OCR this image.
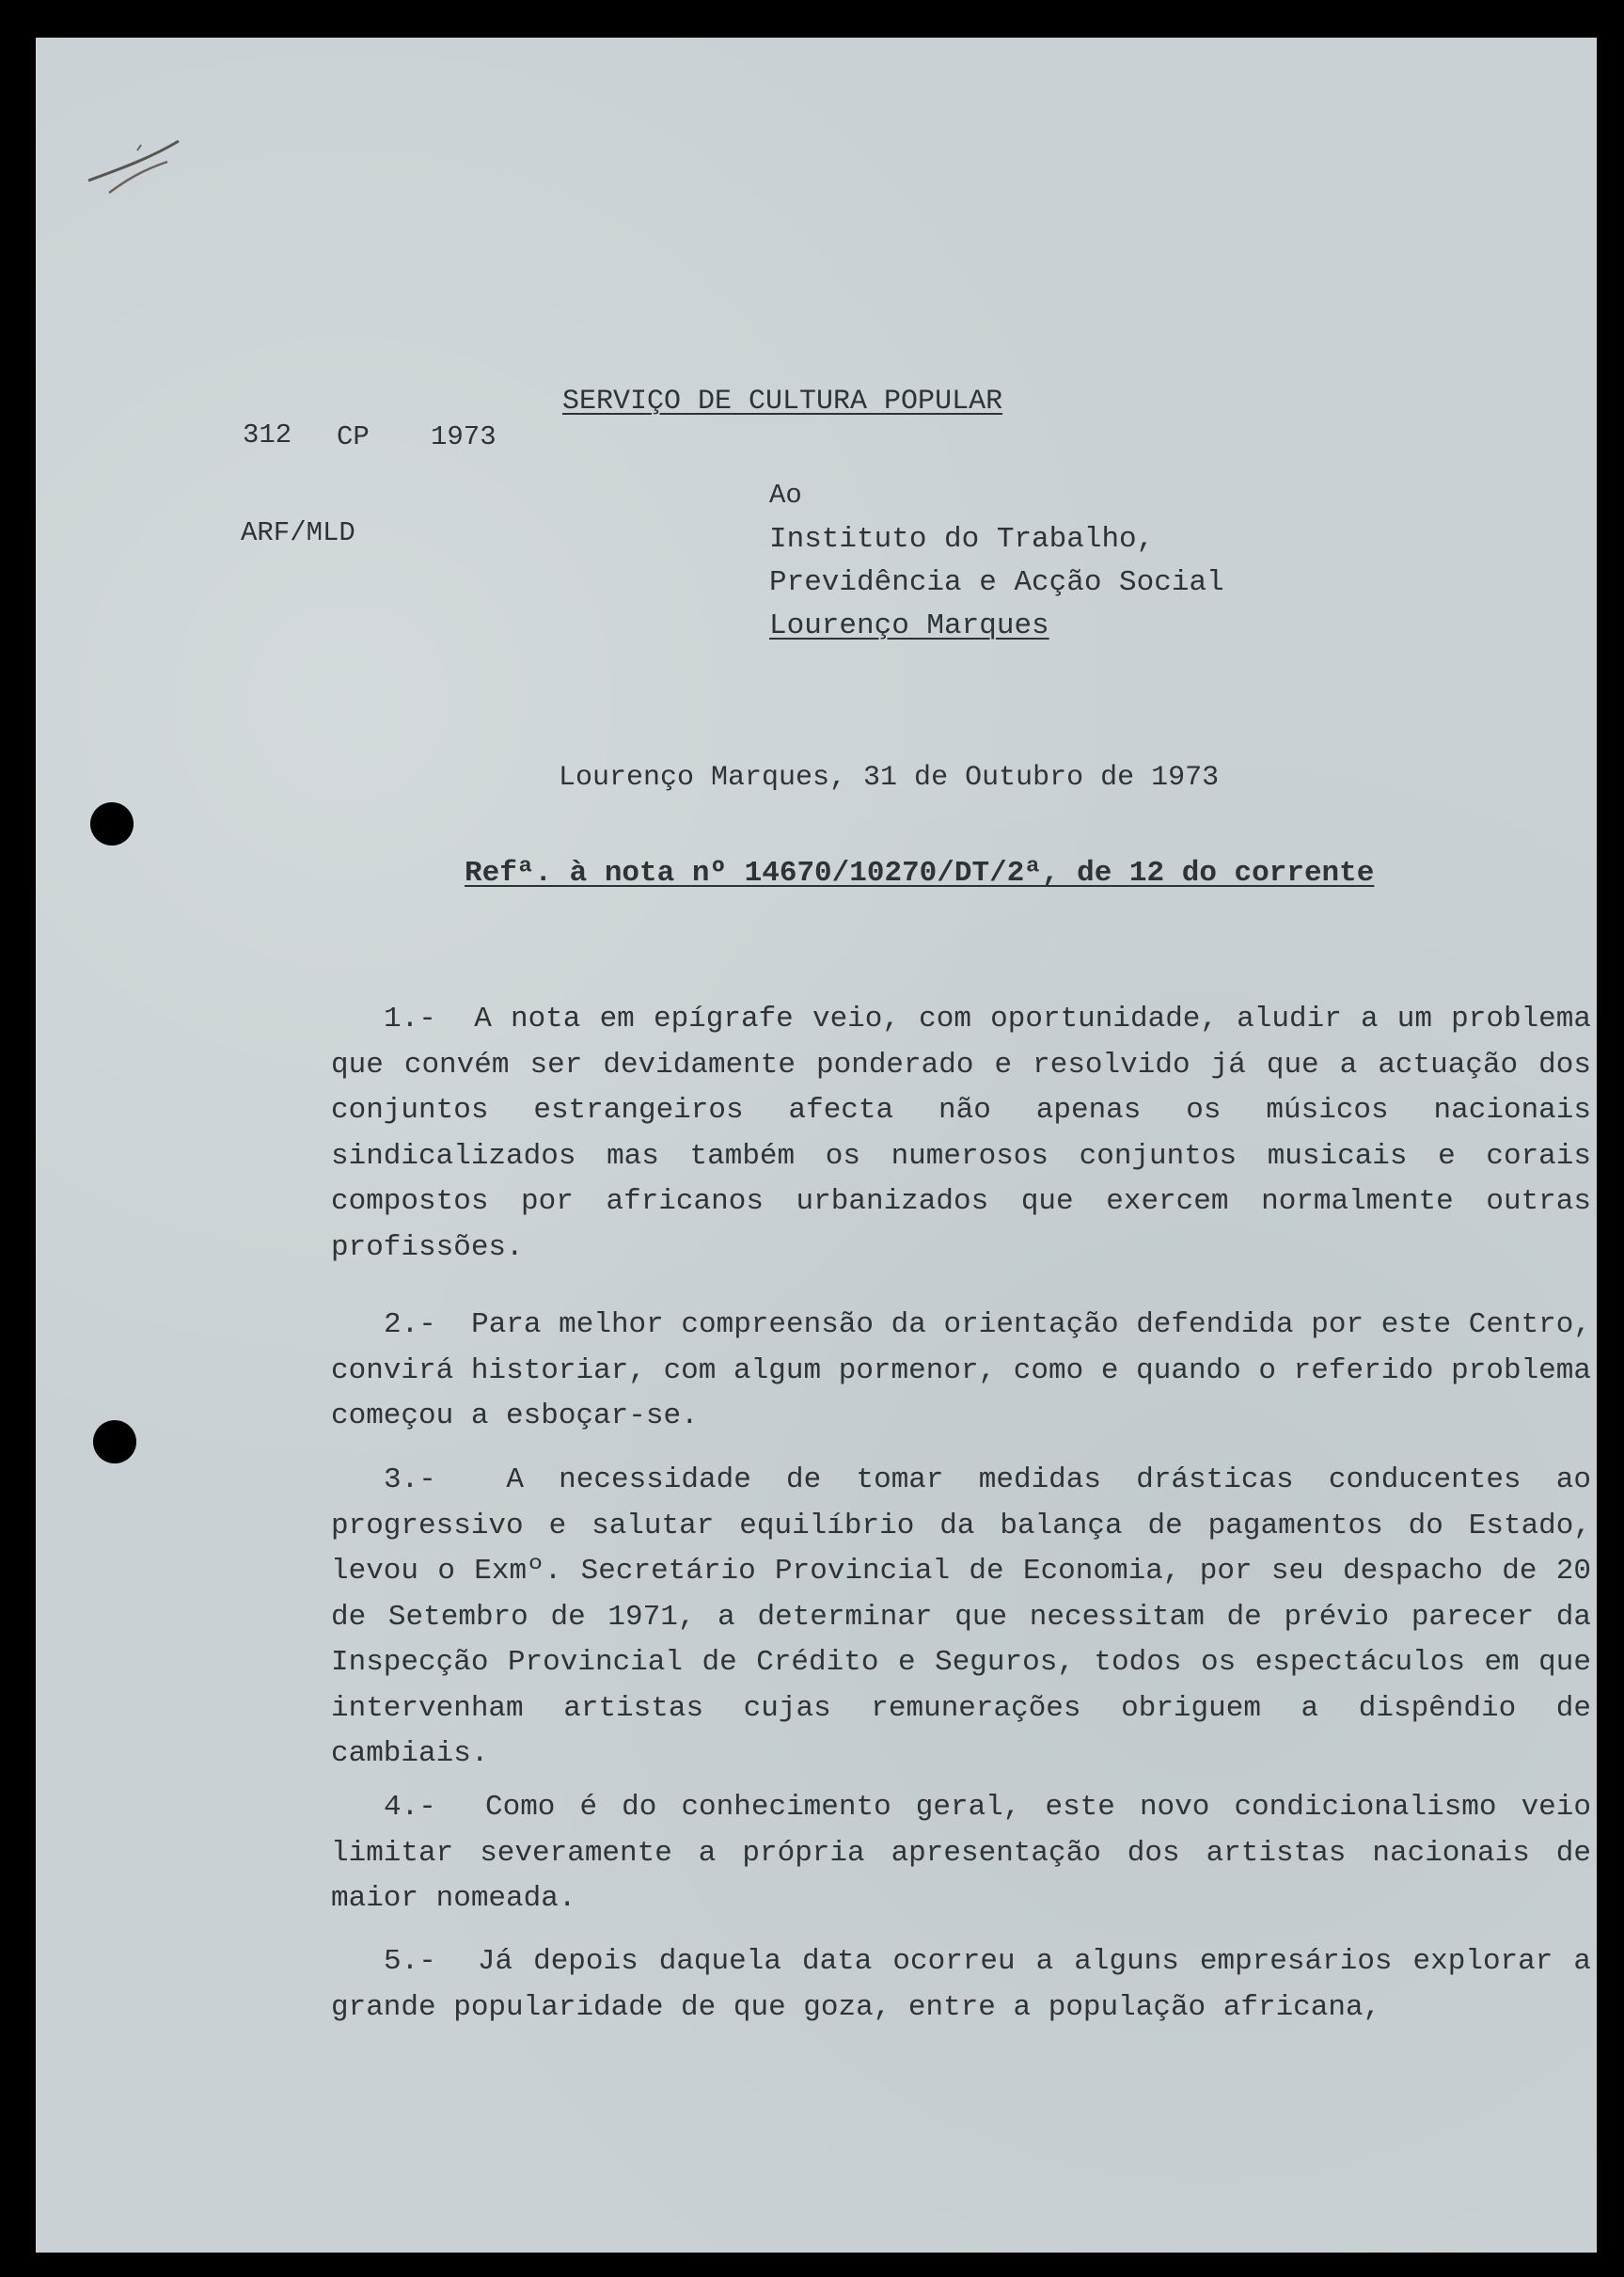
SERVIÇO DE CULTURA POPULAR
312 CP 1973
ARF/MLD
Ao
Instituto do Trabalho,
Previdência e Acção Social
Lourenço Marques
Lourenço Marques, 31 de Outubro de 1973
Refª. à nota nº 14670/10270/DT/2ª, de 12 do corrente
1.- A nota em epígrafe veio, com oportunidade, aludir a um problema que convém ser devidamente ponderado e resolvido já que a actuação dos conjuntos estrangeiros afecta não apenas os músicos nacionais sindicalizados mas também os numerosos conjuntos musicais e corais compostos por africanos urbanizados que exercem normalmente outras profissões.
2.- Para melhor compreensão da orientação defendida por este Centro, convirá historiar, com algum pormenor, como e quando o referido problema começou a esboçar-se.
3.- A necessidade de tomar medidas drásticas conducentes ao progressivo e salutar equilíbrio da balança de pagamentos do Estado, levou o Exmº. Secretário Provincial de Economia, por seu despacho de 20 de Setembro de 1971, a determinar que necessitam de prévio parecer da Inspecção Provincial de Crédito e Seguros, todos os espectáculos em que intervenham artistas cujas remunerações obriguem a dispêndio de cambiais.
4.- Como é do conhecimento geral, este novo condicionalismo veio limitar severamente a própria apresentação dos artistas nacionais de maior nomeada.
5.- Já depois daquela data ocorreu a alguns empresários explorar a grande popularidade de que goza, entre a população africana,
